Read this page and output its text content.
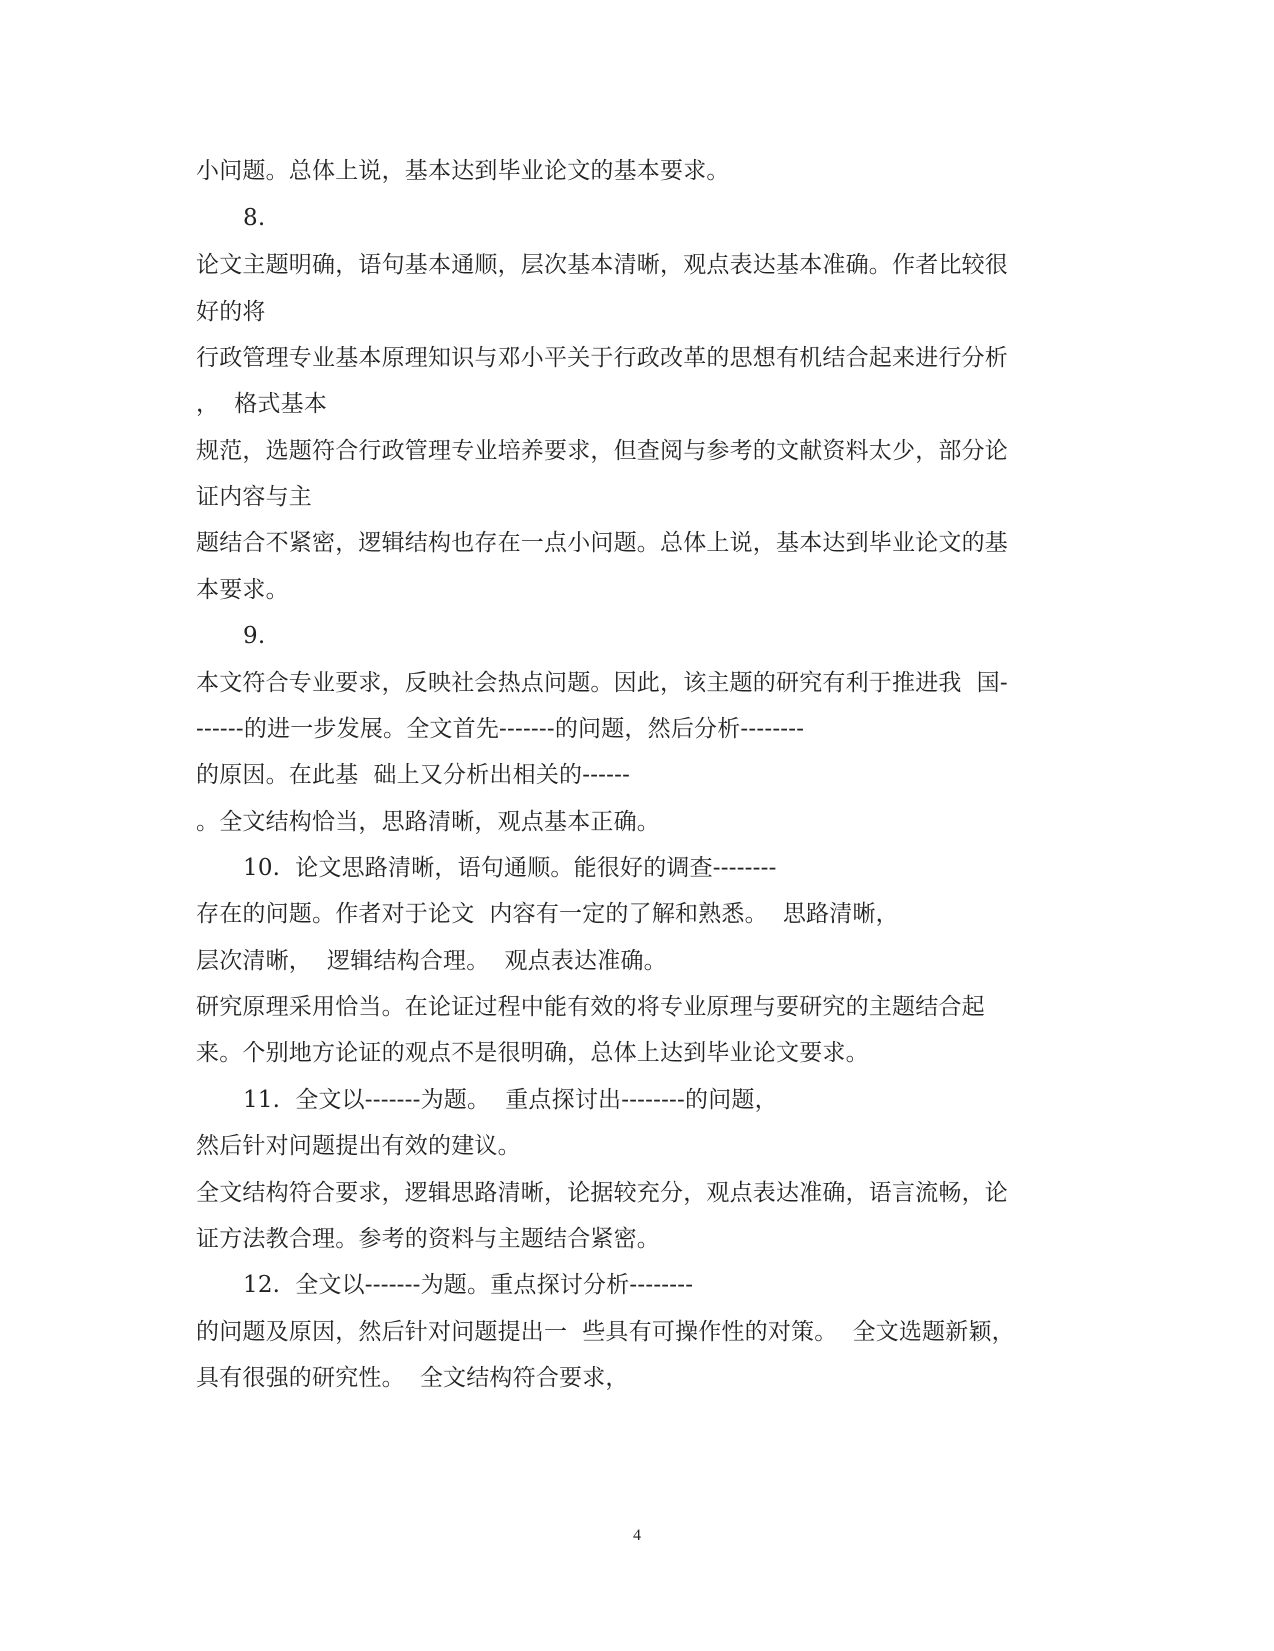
小问题。总体上说，基本达到毕业论文的基本要求。
8.
论文主题明确，语句基本通顺，层次基本清晰，观点表达基本准确。作者比较很
好的将
行政管理专业基本原理知识与邓小平关于行政改革的思想有机结合起来进行分析
，  格式基本
规范，选题符合行政管理专业培养要求，但查阅与参考的文献资料太少，部分论
证内容与主
题结合不紧密，逻辑结构也存在一点小问题。总体上说，基本达到毕业论文的基
本要求。
9.
本文符合专业要求，反映社会热点问题。因此，该主题的研究有利于推进我  国-
------的进一步发展。全文首先-------的问题，然后分析--------
的原因。在此基  础上又分析出相关的------
。全文结构恰当，思路清晰，观点基本正确。
10.  论文思路清晰，语句通顺。能很好的调查--------
存在的问题。作者对于论文  内容有一定的了解和熟悉。  思路清晰，
层次清晰，  逻辑结构合理。  观点表达准确。
研究原理采用恰当。在论证过程中能有效的将专业原理与要研究的主题结合起
来。个别地方论证的观点不是很明确，总体上达到毕业论文要求。
11.  全文以-------为题。  重点探讨出--------的问题，
然后针对问题提出有效的建议。
全文结构符合要求，逻辑思路清晰，论据较充分，观点表达准确，语言流畅，论
证方法教合理。参考的资料与主题结合紧密。
12.  全文以-------为题。重点探讨分析--------
的问题及原因，然后针对问题提出一  些具有可操作性的对策。  全文选题新颖，
具有很强的研究性。  全文结构符合要求，
4
